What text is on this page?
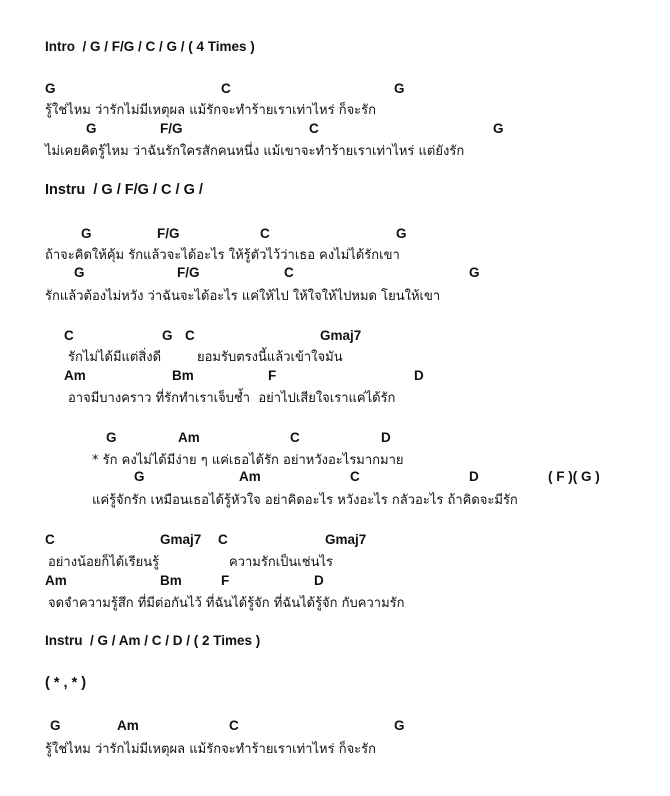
Intro  / G / F/G / C / G / ( 4 Times )
G	C	G
รู้ใช่ไหม ว่ารักไม่มีเหตุผล แม้รักจะทำร้ายเราเท่าไหร่ ก็จะรัก
G	F/G	C	G
ไม่เคยคิดรู้ไหม ว่าฉันรักใครสักคนหนึ่ง แม้เขาจะทำร้ายเราเท่าไหร่ แต่ยังรัก
Instru  / G / F/G / C / G /
G	F/G	C	G
ถ้าจะคิดให้คุ้ม รักแล้วจะได้อะไร ให้รู้ตัวไว้ว่าเธอ คงไม่ได้รักเขา
G	F/G	C	G
รักแล้วต้องไม่หวัง ว่าฉันจะได้อะไร แค่ให้ไป ให้ใจให้ไปหมด โยนให้เขา
C	G C	Gmaj7
รักไม่ได้มีแต่สิ่งดี	ยอมรับตรงนี้แล้วเข้าใจมัน
Am	Bm	F	D
อาจมีบางคราว ที่รักทำเราเจ็บช้ำ  อย่าไปเสียใจเราแค่ได้รัก
G	Am	C	D
* รัก คงไม่ได้มีง่าย ๆ แค่เธอได้รัก อย่าหวังอะไรมากมาย
G	Am	C	D	( F )( G )
แค่รู้จักรัก เหมือนเธอได้รู้หัวใจ อย่าคิดอะไร หวังอะไร กลัวอะไร ถ้าคิดจะมีรัก
C	Gmaj7 C	Gmaj7
อย่างน้อยก็ได้เรียนรู้	ความรักเป็นเช่นไร
Am	Bm	F	D
จดจำความรู้สึก ที่มีต่อกันไว้ ที่ฉันได้รู้จัก ที่ฉันได้รู้จัก กับความรัก
Instru  / G / Am / C / D / ( 2 Times )
( * , * )
G	Am	C	G
รู้ใช่ไหม ว่ารักไม่มีเหตุผล แม้รักจะทำร้ายเราเท่าไหร่ ก็จะรัก
